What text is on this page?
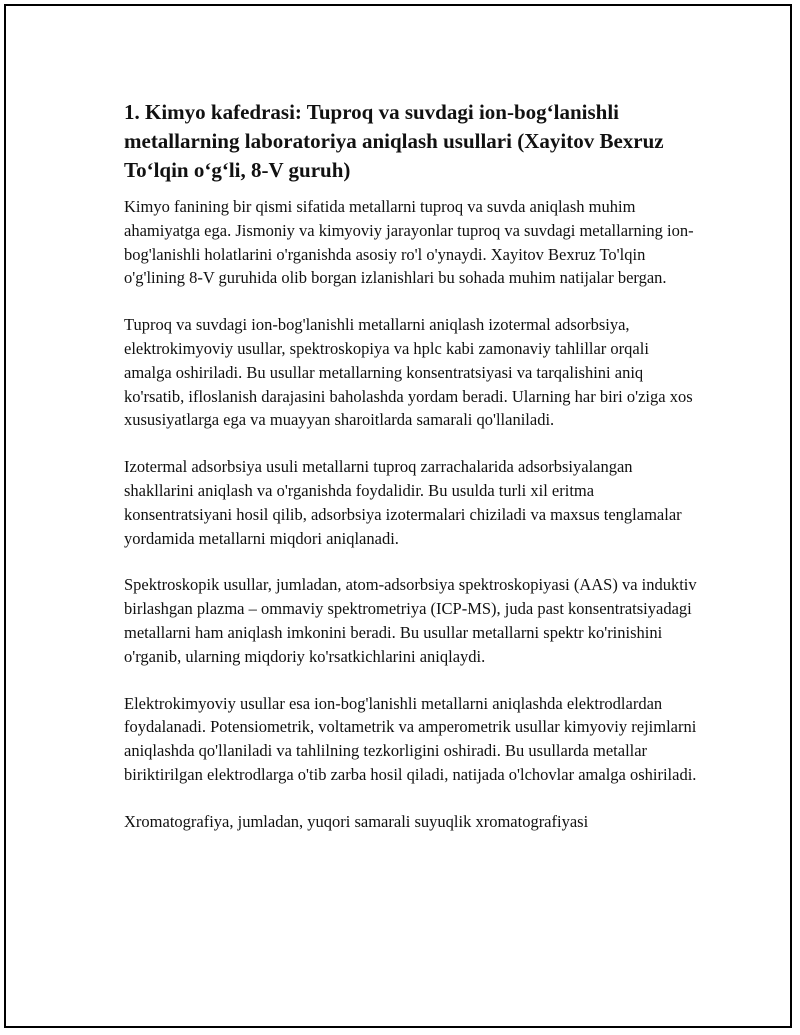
1. Kimyo kafedrasi: Tuproq va suvdagi ion-bog‘lanishli metallarning laboratoriya aniqlash usullari (Xayitov Bexruz To‘lqin o‘g‘li, 8-V guruh)

Kimyo fanining bir qismi sifatida metallarni tuproq va suvda aniqlash muhim ahamiyatga ega. Jismoniy va kimyoviy jarayonlar tuproq va suvdagi metallarning ion-bog'lanishli holatlarini o'rganishda asosiy ro'l o'ynaydi. Xayitov Bexruz To'lqin o'g'lining 8-V guruhida olib borgan izlanishlari bu sohada muhim natijalar bergan.

Tuproq va suvdagi ion-bog'lanishli metallarni aniqlash izotermal adsorbsiya, elektrokimyoviy usullar, spektroskopiya va hplc kabi zamonaviy tahlillar orqali amalga oshiriladi. Bu usullar metallarning konsentratsiyasi va tarqalishini aniq ko'rsatib, ifloslanish darajasini baholashda yordam beradi. Ularning har biri o'ziga xos xususiyatlarga ega va muayyan sharoitlarda samarali qo'llaniladi.

Izotermal adsorbsiya usuli metallarni tuproq zarrachalarida adsorbsiyalangan shakllarini aniqlash va o'rganishda foydalidir. Bu usulda turli xil eritma konsentratsiyani hosil qilib, adsorbsiya izotermalari chiziladi va maxsus tenglamalar yordamida metallarni miqdori aniqlanadi.

Spektroskopik usullar, jumladan, atom-adsorbsiya spektroskopiyasi (AAS) va induktiv birlashgan plazma – ommaviy spektrometriya (ICP-MS), juda past konsentratsiyadagi metallarni ham aniqlash imkonini beradi. Bu usullar metallarni spektr ko'rinishini o'rganib, ularning miqdoriy ko'rsatkichlarini aniqlaydi.

Elektrokimyoviy usullar esa ion-bog'lanishli metallarni aniqlashda elektrodlardan foydalanadi. Potensiometrik, voltametrik va amperometrik usullar kimyoviy rejimlarni aniqlashda qo'llaniladi va tahlilning tezkorligini oshiradi. Bu usullarda metallar biriktirilgan elektrodlarga o'tib zarba hosil qiladi, natijada o'lchovlar amalga oshiriladi.

Xromatografiya, jumladan, yuqori samarali suyuqlik xromatografiyasi
